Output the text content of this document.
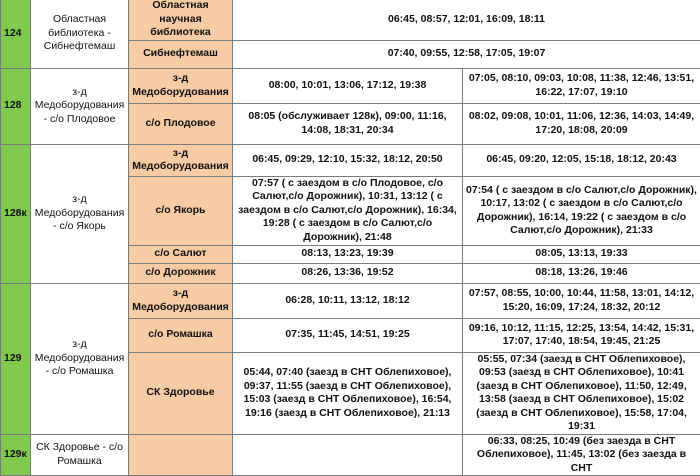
124	Областная библиотека - Сибнефтемаш	Областная научная библиотека	06:45, 08:57, 12:01, 16:09, 18:11	
		Сибнефтемаш	07:40, 09:55, 12:58, 17:05, 19:07	
128	з-д Медоборудования - с/о Плодовое	з-д Медоборудования	08:00, 10:01, 13:06, 17:12, 19:38	07:05, 08:10, 09:03, 10:08, 11:38, 12:46, 13:51, 16:22, 17:07, 19:10
		с/о Плодовое	08:05 (обслуживает 128к), 09:00, 11:16, 14:08, 18:31, 20:34	08:02, 09:08, 10:01, 11:06, 12:36, 14:03, 14:49, 17:20, 18:08, 20:09
128к	з-д Медоборудования - с/о Якорь	з-д Медоборудования	06:45, 09:29, 12:10, 15:32, 18:12, 20:50	06:45, 09:20, 12:05, 15:18, 18:12, 20:43
		с/о Якорь	07:57 ( с заездом в с/о Плодовое, с/о Салют,с/о Дорожник), 10:31, 13:12 ( с заездом в с/о Салют,с/о Дорожник), 16:34, 19:28 ( с заездом в с/о Салют,с/о Дорожник), 21:48	07:54 ( с заездом в с/о Салют,с/о Дорожник), 10:17, 13:02 ( с заездом в с/о Салют,с/о Дорожник), 16:14, 19:22 ( с заездом в с/о Салют,с/о Дорожник), 21:33
		с/о Салют	08:13, 13:23, 19:39	08:05, 13:13, 19:33
		с/о Дорожник	08:26, 13:36, 19:52	08:18, 13:26, 19:46
129	з-д Медоборудования - с/о Ромашка	з-д Медоборудования	06:28, 10:11, 13:12, 18:12	07:57, 08:55, 10:00, 10:44, 11:58, 13:01, 14:12, 15:20, 16:09, 17:24, 18:32, 20:12
		с/о Ромашка	07:35, 11:45, 14:51, 19:25	09:16, 10:12, 11:15, 12:25, 13:54, 14:42, 15:31, 17:07, 17:40, 18:54, 19:45, 21:25
		СК Здоровье	05:44, 07:40 (заезд в СНТ Облепиховое), 09:37, 11:55 (заезд в СНТ Облепиховое), 15:03 (заезд в СНТ Облепиховое), 16:54, 19:16 (заезд в СНТ Облепиховое), 21:13	05:55, 07:34 (заезд в СНТ Облепиховое), 09:53 (заезд в СНТ Облепиховое), 10:41 (заезд в СНТ Облепиховое), 11:50, 12:49, 13:58 (заезд в СНТ Облепиховое), 15:02 (заезд в СНТ Облепиховое), 15:58, 17:04, 19:31
129к	СК Здоровье - с/о Ромашка			06:33, 08:25, 10:49 (без заезда в СНТ Облепиховое), 11:45, 13:02 (без заезда в СНТ
